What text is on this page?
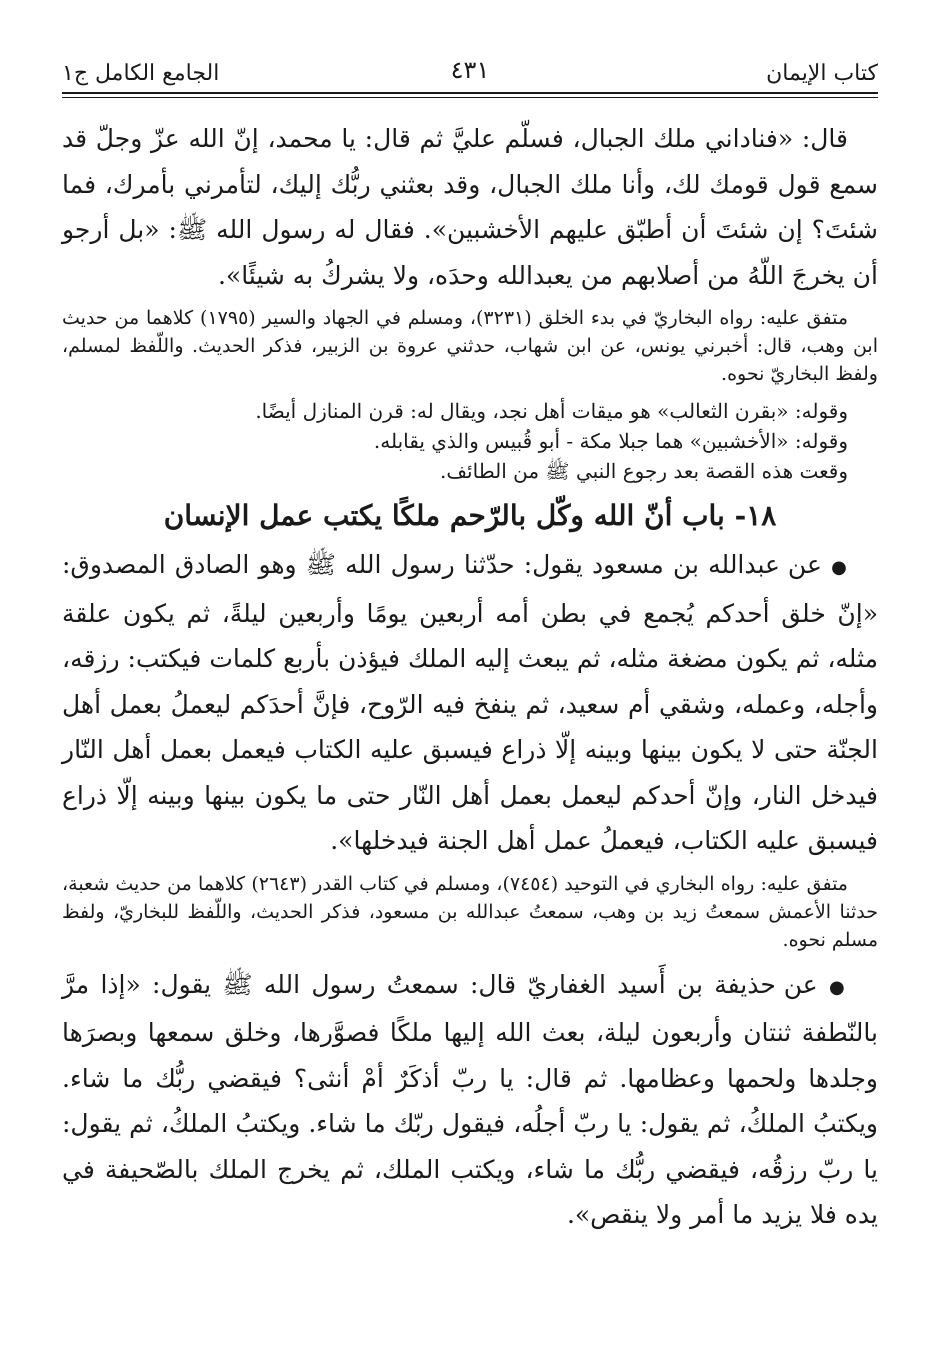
كتاب الإيمان
٤٣١
الجامع الكامل ج١

قال: «فناداني ملك الجبال، فسلّم عليَّ ثم قال: يا محمد، إنّ الله عزّ وجلّ قد سمع قول قومك لك، وأنا ملك الجبال، وقد بعثني ربُّك إليك، لتأمرني بأمرك، فما شئتَ؟ إن شئتَ أن أطبّق عليهم الأخشبين». فقال له رسول الله ﷺ: «بل أرجو أن يخرجَ اللّهُ من أصلابهم من يعبدالله وحدَه، ولا يشركُ به شيئًا».

متفق عليه: رواه البخاريّ في بدء الخلق (٣٢٣١)، ومسلم في الجهاد والسير (١٧٩٥) كلاهما من حديث ابن وهب، قال: أخبرني يونس، عن ابن شهاب، حدثني عروة بن الزبير، فذكر الحديث. واللّفظ لمسلم، ولفظ البخاريّ نحوه.

وقوله: «بقرن الثعالب» هو ميقات أهل نجد، ويقال له: قرن المنازل أيضًا.

وقوله: «الأخشبين» هما جبلا مكة - أبو قُبيس والذي يقابله.

وقعت هذه القصة بعد رجوع النبي ﷺ من الطائف.

١٨- باب أنّ الله وكّل بالرّحم ملكًا يكتب عمل الإنسان

● عن عبدالله بن مسعود يقول: حدّثنا رسول الله ﷺ وهو الصادق المصدوق: «إنّ خلق أحدكم يُجمع في بطن أمه أربعين يومًا وأربعين ليلةً، ثم يكون علقة مثله، ثم يكون مضغة مثله، ثم يبعث إليه الملك فيؤذن بأربع كلمات فيكتب: رزقه، وأجله، وعمله، وشقي أم سعيد، ثم ينفخ فيه الرّوح، فإنَّ أحدَكم ليعملُ بعمل أهل الجنّة حتى لا يكون بينها وبينه إلّا ذراع فيسبق عليه الكتاب فيعمل بعمل أهل النّار فيدخل النار، وإنّ أحدكم ليعمل بعمل أهل النّار حتى ما يكون بينها وبينه إلّا ذراع فيسبق عليه الكتاب، فيعملُ عمل أهل الجنة فيدخلها».

متفق عليه: رواه البخاري في التوحيد (٧٤٥٤)، ومسلم في كتاب القدر (٢٦٤٣) كلاهما من حديث شعبة، حدثنا الأعمش سمعتُ زيد بن وهب، سمعتُ عبدالله بن مسعود، فذكر الحديث، واللّفظ للبخاريّ، ولفظ مسلم نحوه.

● عن حذيفة بن أَسيد الغفاريّ قال: سمعتُ رسول الله ﷺ يقول: «إذا مرَّ بالنّطفة ثنتان وأربعون ليلة، بعث الله إليها ملكًا فصوَّرها، وخلق سمعها وبصرَها وجلدها ولحمها وعظامها. ثم قال: يا ربّ أذكَرٌ أمْ أنثى؟ فيقضي ربُّك ما شاء. ويكتبُ الملكُ، ثم يقول: يا ربّ أجلُه، فيقول ربّك ما شاء. ويكتبُ الملكُ، ثم يقول: يا ربّ رزقُه، فيقضي ربُّك ما شاء، ويكتب الملك، ثم يخرج الملك بالصّحيفة في يده فلا يزيد ما أمر ولا ينقص».
